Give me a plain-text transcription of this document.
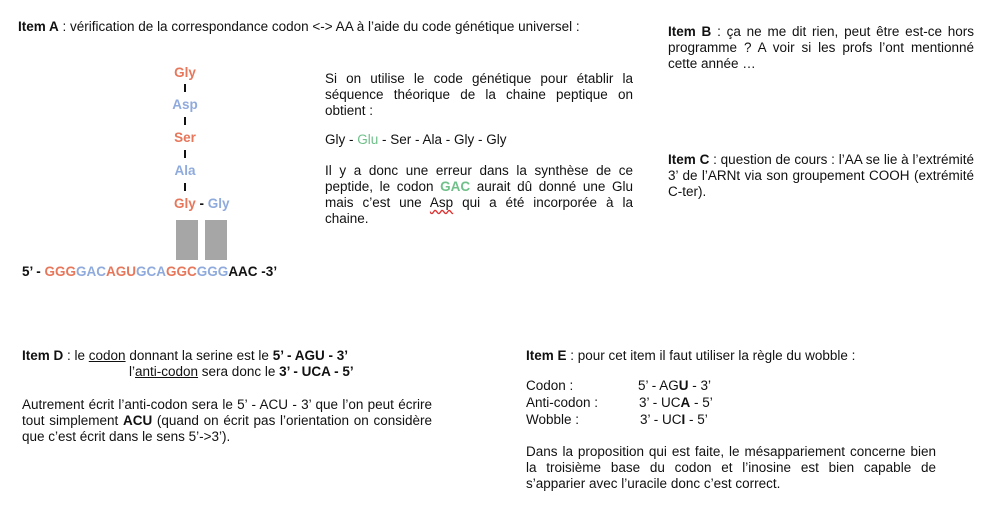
Item A : vérification de la correspondance codon <-> AA à l’aide du code génétique universel :
Gly
Asp
Ser
Ala
Gly - Gly
5’ - GGGGACAGUGCAGGCGGGAAC -3’
Si on utilise le code génétique pour établir la séquence théorique de la chaine peptique on obtient :
Gly - Glu - Ser - Ala - Gly - Gly
Il y a donc une erreur dans la synthèse de ce peptide, le codon GAC aurait dû donné une Glu mais c’est une Asp qui a été incorporée à la chaine.
Item B : ça ne me dit rien, peut être est-ce hors programme ? A voir si les profs l’ont mentionné cette année …
Item C : question de cours : l’AA se lie à l’extrémité 3’ de l’ARNt via son groupement COOH (extrémité C-ter).
Item D : le codon donnant la serine est le 5’ - AGU - 3’
l’anti-codon sera donc le 3’ - UCA - 5’
Autrement écrit l’anti-codon sera le 5’ - ACU - 3’ que l’on peut écrire tout simplement ACU (quand on écrit pas l’orientation on considère que c’est écrit dans le sens 5’->3’).
Item E : pour cet item il faut utiliser la règle du wobble :
Codon :	5’ - AGU - 3’
Anti-codon :	3’ - UCA - 5’
Wobble :	3’ - UCI - 5’
Dans la proposition qui est faite, le mésappariement concerne bien la troisième base du codon et l’inosine est bien capable de s’apparier avec l’uracile donc c’est correct.
